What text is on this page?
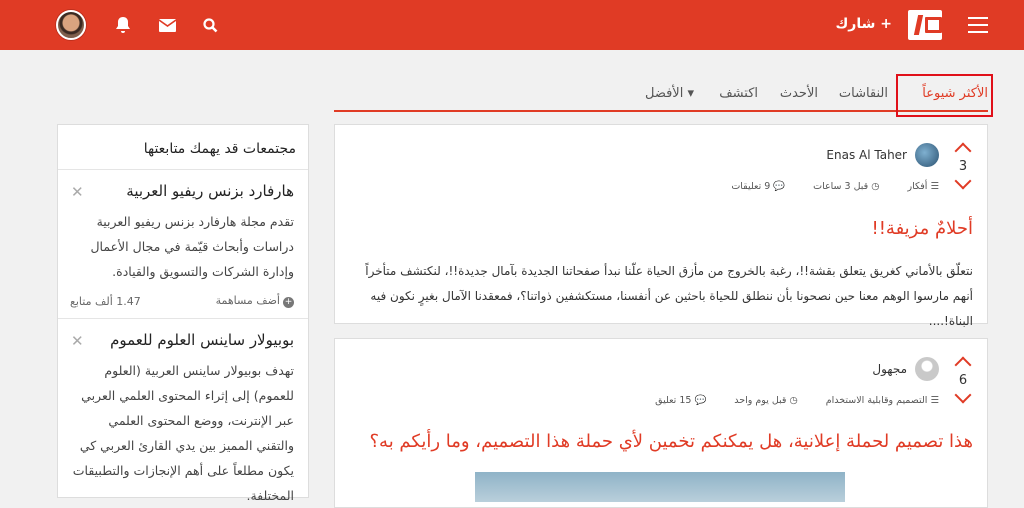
+ شارك
الأكثر شيوعاً
النقاشات
الأحدث
اكتشف
الأفضل ▾
مجتمعات قد يهمك متابعتها
✕	هارفارد بزنس ريفيو العربية
تقدم مجلة هارفارد بزنس ريفيو العربية دراسات وأبحاث قيّمة في مجال الأعمال وإدارة الشركات والتسويق والقيادة.
+أضف مساهمة
1.47 ألف متابع
✕	بوبيولار ساينس العلوم للعموم
تهدف بوبيولار ساينس العربية (العلوم للعموم) إلى إثراء المحتوى العلمي العربي عبر الإنترنت، ووضع المحتوى العلمي والتقني المميز بين يدي القارئ العربي كي يكون مطلعاً على أهم الإنجازات والتطبيقات المختلفة.
3
Enas Al Taher
☰ أفكار
◷ قبل 3 ساعات
💬 9 تعليقات
أحلامٌ مزيفة!!
نتعلّق بالأماني كغريق يتعلق بقشة!!، رغبة بالخروج من مأزق الحياة علّنا نبدأ صفحاتنا الجديدة بآمال جديدة!!، لنكتشف متأخراً أنهم مارسوا الوهم معنا حين نصحونا بأن ننطلق للحياة باحثين عن أنفسنا، مستكشفين ذواتنا؟، فمعقدنا الآمال بغيرٍ نكون فيه البناة!....
6
مجهول
☰ التصميم وقابلية الاستخدام
◷ قبل يوم واحد
💬 15 تعليق
هذا تصميم لحملة إعلانية، هل يمكنكم تخمين لأي حملة هذا التصميم، وما رأيكم به؟
